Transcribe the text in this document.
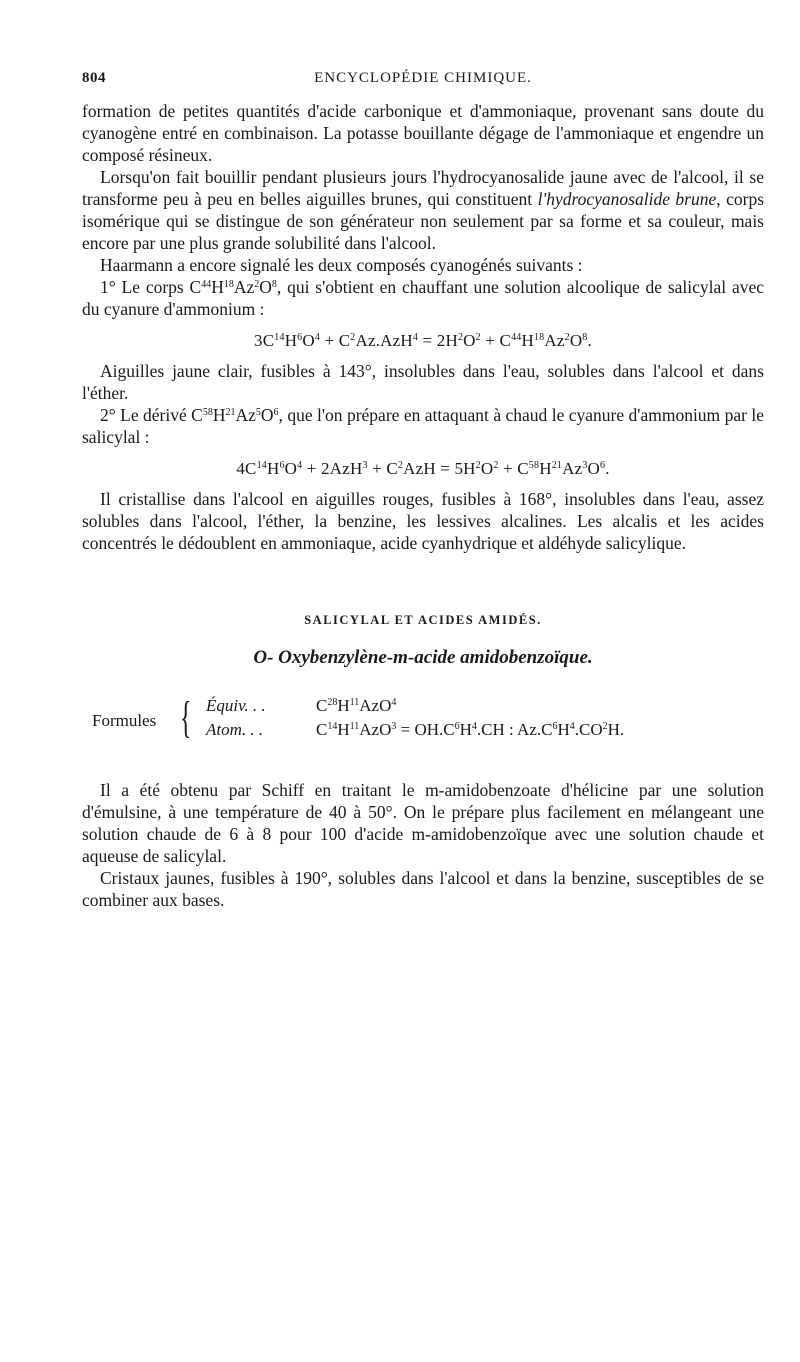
804	ENCYCLOPÉDIE CHIMIQUE.

formation de petites quantités d'acide carbonique et d'ammoniaque, provenant sans doute du cyanogène entré en combinaison. La potasse bouillante dégage de l'ammoniaque et engendre un composé résineux.

Lorsqu'on fait bouillir pendant plusieurs jours l'hydrocyanosalide jaune avec de l'alcool, il se transforme peu à peu en belles aiguilles brunes, qui constituent l'hydrocyanosalide brune, corps isomérique qui se distingue de son générateur non seulement par sa forme et sa couleur, mais encore par une plus grande solubilité dans l'alcool.

Haarmann a encore signalé les deux composés cyanogénés suivants :

1° Le corps $C^{44}H^{18}Az^2O^8$, qui s'obtient en chauffant une solution alcoolique de salicylal avec du cyanure d'ammonium :

$3C^{14}H^6O^4 + C^2Az.AzH^4 = 2H^2O^2 + C^{44}H^{18}Az^2O^8$.

Aiguilles jaune clair, fusibles à 143°, insolubles dans l'eau, solubles dans l'alcool et dans l'éther.

2° Le dérivé $C^{58}H^{21}Az^5O^6$, que l'on prépare en attaquant à chaud le cyanure d'ammonium par le salicylal :

$4C^{14}H^6O^4 + 2AzH^3 + C^2AzH = 5H^2O^2 + C^{58}H^{21}Az^3O^6$.

Il cristallise dans l'alcool en aiguilles rouges, fusibles à 168°, insolubles dans l'eau, assez solubles dans l'alcool, l'éther, la benzine, les lessives alcalines. Les alcalis et les acides concentrés le dédoublent en ammoniaque, acide cyanhydrique et aldéhyde salicylique.

SALICYLAL ET ACIDES AMIDÉS.
O- Oxybenzylène-m-acide amidobenzoïque.
Formules { Équiv. . .	$C^{28}H^{11}AzO^4$
Atom. . .	$C^{14}H^{11}AzO^3 = OH.C^6H^4.CH$ : $Az.C^6H^4.CO^2H$.

Il a été obtenu par Schiff en traitant le m-amidobenzoate d'hélicine par une solution d'émulsine, à une température de 40 à 50°. On le prépare plus facilement en mélangeant une solution chaude de 6 à 8 pour 100 d'acide m-amidobenzoïque avec une solution chaude et aqueuse de salicylal.

Cristaux jaunes, fusibles à 190°, solubles dans l'alcool et dans la benzine, susceptibles de se combiner aux bases.
